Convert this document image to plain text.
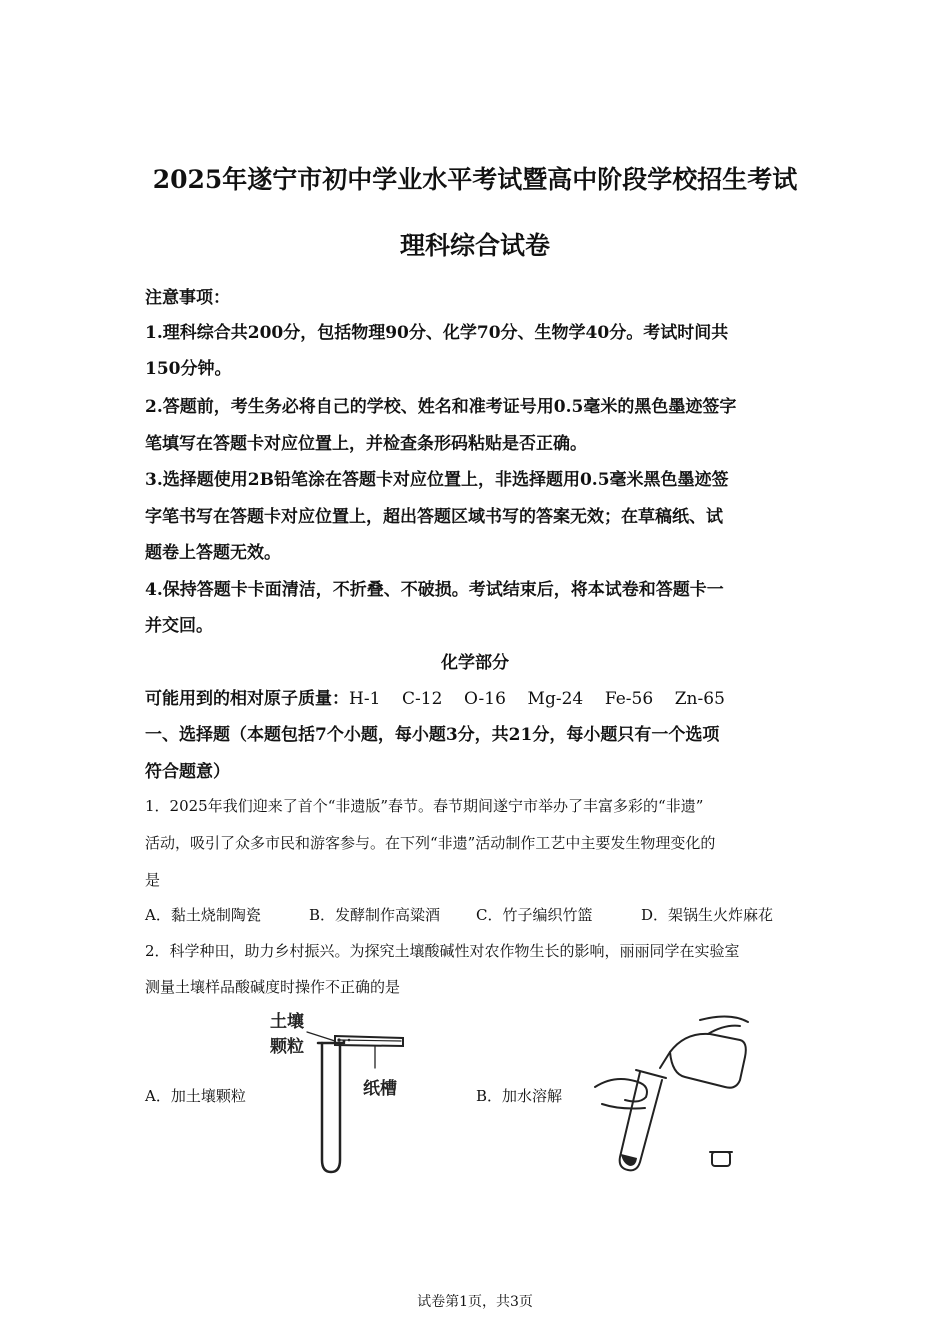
2025年遂宁市初中学业水平考试暨高中阶段学校招生考试
理科综合试卷
注意事项：
1.理科综合共200分，包括物理90分、化学70分、生物学40分。考试时间共
150分钟。
2.答题前，考生务必将自己的学校、姓名和准考证号用0.5毫米的黑色墨迹签字
笔填写在答题卡对应位置上，并检查条形码粘贴是否正确。
3.选择题使用2B铅笔涂在答题卡对应位置上，非选择题用0.5毫米黑色墨迹签
字笔书写在答题卡对应位置上，超出答题区域书写的答案无效；在草稿纸、试
题卷上答题无效。
4.保持答题卡卡面清洁，不折叠、不破损。考试结束后，将本试卷和答题卡一
并交回。
化学部分
可能用到的相对原子质量：H-1    C-12    O-16    Mg-24    Fe-56    Zn-65
一、选择题（本题包括7个小题，每小题3分，共21分，每小题只有一个选项
符合题意）
1．2025年我们迎来了首个“非遗版”春节。春节期间遂宁市举办了丰富多彩的“非遗”
活动，吸引了众多市民和游客参与。在下列“非遗”活动制作工艺中主要发生物理变化的
是
A．黏土烧制陶瓷	B．发酵制作高粱酒 C．竹子编织竹篮	D．架锅生火炸麻花
2．科学种田，助力乡村振兴。为探究土壤酸碱性对农作物生长的影响，丽丽同学在实验室
测量土壤样品酸碱度时操作不正确的是
A．加土壤颗粒	B．加水溶解
土壤
颗粒
纸槽
试卷第1页，共3页
